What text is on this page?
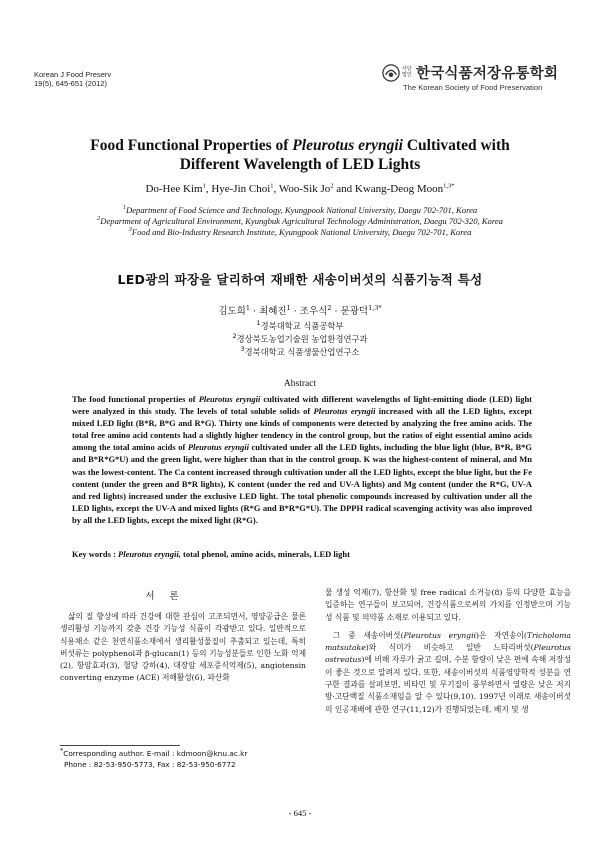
Korean J Food Preserv
19(5), 645-651 (2012)
사단법인 한국식품저장유통학회
The Korean Society of Food Preservation
Food Functional Properties of Pleurotus eryngii Cultivated with
Different Wavelength of LED Lights
Do-Hee Kim$^1$, Hye-Jin Choi$^1$, Woo-Sik Jo$^2$ and Kwang-Deog Moon$^{1,3*}$
$^1$Department of Food Science and Technology, Kyungpook National University, Daegu 702-701, Korea
$^2$Department of Agricultural Environment, Kyungbuk Agricultural Technology Administration, Daegu 702-320, Korea
$^3$Food and Bio-Industry Research Institute, Kyungpook National University, Daegu 702-701, Korea
LED광의 파장을 달리하여 재배한 새송이버섯의 식품기능적 특성
김도희$^1$ · 최혜진$^1$ · 조우식$^2$ · 문광덕$^{1,3*}$
$^1$경북대학교 식품공학부
$^2$경상북도농업기술원 농업환경연구과
$^3$경북대학교 식품생물산업연구소
Abstract
The food functional properties of Pleurotus eryngii cultivated with different wavelengths of light-emitting diode (LED) light were analyzed in this study. The levels of total soluble solids of Pleurotus eryngii increased with all the LED lights, except mixed LED light (B*R, B*G and R*G). Thirty one kinds of components were detected by analyzing the free amino acids. The total free amino acid contents had a slightly higher tendency in the control group, but the ratios of eight essential amino acids among the total amino acids of Pleurotus eryngii cultivated under all the LED lights, including the blue light (blue, B*R, B*G and B*R*G*U) and the green light, were higher than that in the control group. K was the highest-content of mineral, and Mn was the lowest-content. The Ca content increased through cultivation under all the LED lights, except the blue light, but the Fe content (under the green and B*R lights), K content (under the red and UV-A lights) and Mg content (under the R*G, UV-A and red lights) increased under the exclusive LED light. The total phenolic compounds increased by cultivation under all the LED lights, except the UV-A and mixed lights (R*G and B*R*G*U). The DPPH radical scavenging activity was also improved by all the LED lights, except the mixed light (R*G).
Key words : Pleurotus eryngii, total phenol, amino acids, minerals, LED light
서 론

삶의 질 향상에 따라 건강에 대한 관심이 고조되면서, 영양공급은 물론 생리활성 기능까지 갖춘 건강 기능성 식품이 각광받고 있다. 일반적으로 식용채소 같은 천연식품소재에서 생리활성물질이 추출되고 있는데, 특히 버섯류는 polyphenol과 β-glucan(1) 등의 기능성분들로 인한 노화 억제(2), 항암효과(3), 혈당 강하(4), 대장암 세포증식억제(5), angiotensin converting enzyme (ACE) 저해활성(6), 파산화

물 생성 억제(7), 항산화 및 free radical 소거능(8) 등의 다양한 효능을 입증하는 연구들이 보고되어, 건강식품으로써의 가치를 인정받으며 기능성 식품 및 의약품 소재로 이용되고 있다.

그 중 새송이버섯(Pleurotus eryngii)은 자연송이(Tricholoma matsutake)와 식미가 비슷하고 일반 느타리버섯(Pleurotus ostreatus)에 비해 자루가 굵고 길며, 수분 함량이 낮은 편에 속해 저장성이 좋은 것으로 알려져 있다. 또한, 새송이버섯의 식품영양학적 성분을 연구한 결과를 살펴보면, 비타민 및 무기질이 풍부하면서 열량은 낮은 저지방·고단백질 식품소재임을 알 수 있다(9,10). 1997년 이래로 새송이버섯의 인공재배에 관한 연구(11,12)가 진행되었는데, 베지 및 생

*Corresponding author. E-mail : kdmoon@knu.ac.kr
Phone : 82-53-950-5773, Fax : 82-53-950-6772
- 645 -
